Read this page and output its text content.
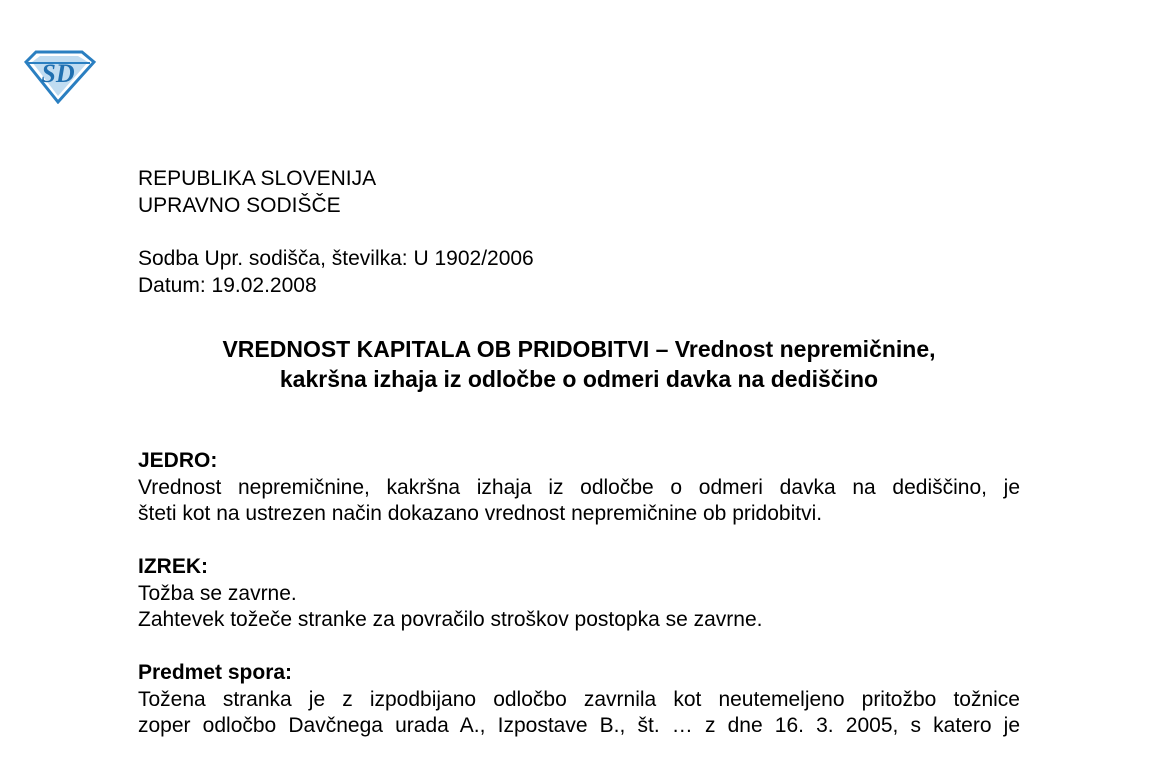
SD
REPUBLIKA SLOVENIJA
UPRAVNO SODIŠČE
Sodba Upr. sodišča, številka: U 1902/2006
Datum: 19.02.2008
VREDNOST KAPITALA OB PRIDOBITVI – Vrednost nepremičnine,
kakršna izhaja iz odločbe o odmeri davka na dediščino
JEDRO:
Vrednost nepremičnine, kakršna izhaja iz odločbe o odmeri davka na dediščino, je
šteti kot na ustrezen način dokazano vrednost nepremičnine ob pridobitvi.
IZREK:
Tožba se zavrne.
Zahtevek tožeče stranke za povračilo stroškov postopka se zavrne.
Predmet spora:
Tožena stranka je z izpodbijano odločbo zavrnila kot neutemeljeno pritožbo tožnice
zoper odločbo Davčnega urada A., Izpostave B., št. … z dne 16. 3. 2005, s katero je
